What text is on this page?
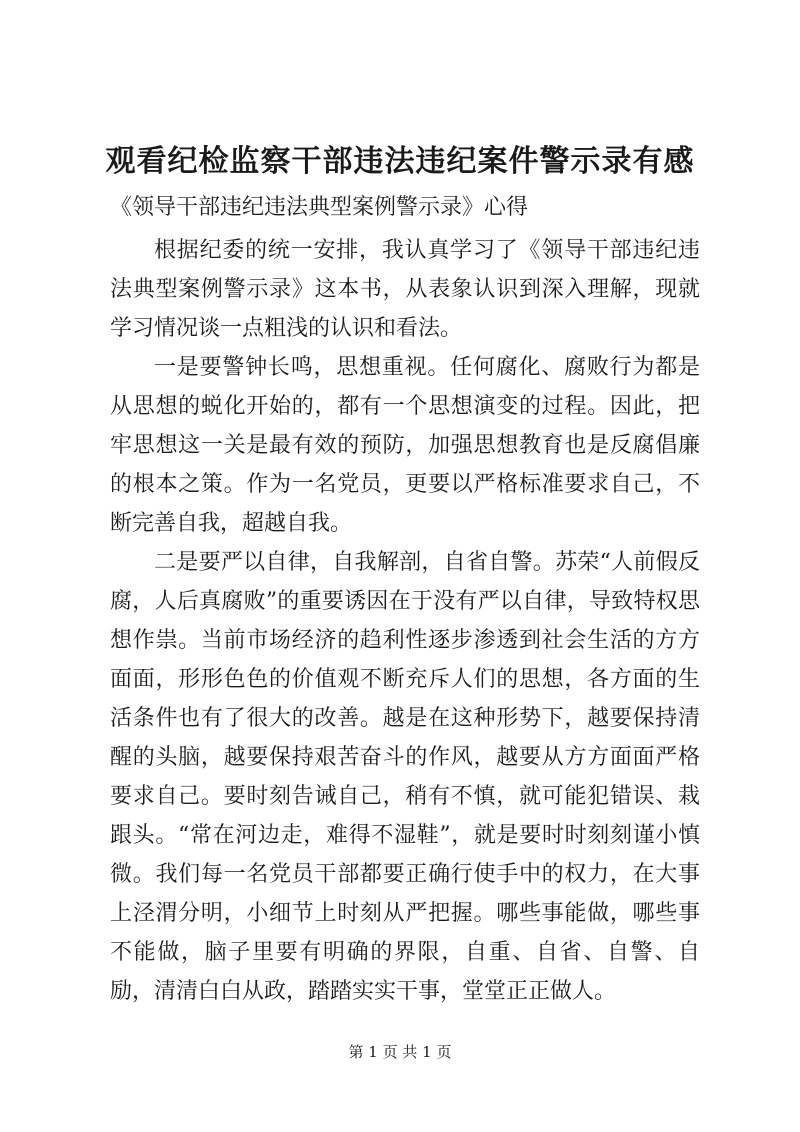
观看纪检监察干部违法违纪案件警示录有感

《领导干部违纪违法典型案例警示录》心得

根据纪委的统一安排，我认真学习了《领导干部违纪违法典型案例警示录》这本书，从表象认识到深入理解，现就学习情况谈一点粗浅的认识和看法。

一是要警钟长鸣，思想重视。任何腐化、腐败行为都是从思想的蜕化开始的，都有一个思想演变的过程。因此，把牢思想这一关是最有效的预防，加强思想教育也是反腐倡廉的根本之策。作为一名党员，更要以严格标准要求自己，不断完善自我，超越自我。

二是要严以自律，自我解剖，自省自警。苏荣“人前假反腐，人后真腐败”的重要诱因在于没有严以自律，导致特权思想作祟。当前市场经济的趋利性逐步渗透到社会生活的方方面面，形形色色的价值观不断充斥人们的思想，各方面的生活条件也有了很大的改善。越是在这种形势下，越要保持清醒的头脑，越要保持艰苦奋斗的作风，越要从方方面面严格要求自己。要时刻告诫自己，稍有不慎，就可能犯错误、栽跟头。“常在河边走，难得不湿鞋”，就是要时时刻刻谨小慎微。我们每一名党员干部都要正确行使手中的权力，在大事上泾渭分明，小细节上时刻从严把握。哪些事能做，哪些事不能做，脑子里要有明确的界限，自重、自省、自警、自励，清清白白从政，踏踏实实干事，堂堂正正做人。

第 1 页 共 1 页
